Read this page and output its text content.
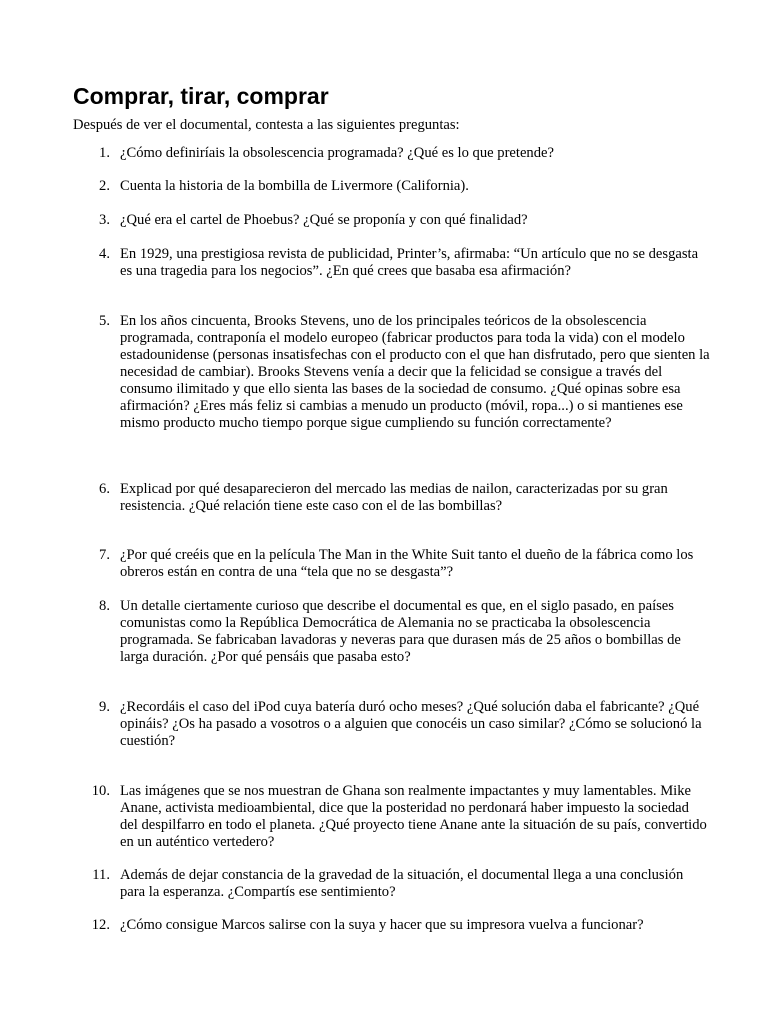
Comprar, tirar, comprar

Después de ver el documental, contesta a las siguientes preguntas:

1. ¿Cómo definiríais la obsolescencia programada? ¿Qué es lo que pretende?
2. Cuenta la historia de la bombilla de Livermore (California).
3. ¿Qué era el cartel de Phoebus? ¿Qué se proponía y con qué finalidad?
4. En 1929, una prestigiosa revista de publicidad, Printer’s, afirmaba: “Un artículo que no se desgasta es una tragedia para los negocios”. ¿En qué crees que basaba esa afirmación?
5. En los años cincuenta, Brooks Stevens, uno de los principales teóricos de la obsolescencia programada, contraponía el modelo europeo (fabricar productos para toda la vida) con el modelo estadounidense (personas insatisfechas con el producto con el que han disfrutado, pero que sienten la necesidad de cambiar). Brooks Stevens venía a decir que la felicidad se consigue a través del consumo ilimitado y que ello sienta las bases de la sociedad de consumo. ¿Qué opinas sobre esa afirmación? ¿Eres más feliz si cambias a menudo un producto (móvil, ropa...) o si mantienes ese mismo producto mucho tiempo porque sigue cumpliendo su función correctamente?
6. Explicad por qué desaparecieron del mercado las medias de nailon, caracterizadas por su gran resistencia. ¿Qué relación tiene este caso con el de las bombillas?
7. ¿Por qué creéis que en la película The Man in the White Suit tanto el dueño de la fábrica como los obreros están en contra de una “tela que no se desgasta”?
8. Un detalle ciertamente curioso que describe el documental es que, en el siglo pasado, en países comunistas como la República Democrática de Alemania no se practicaba la obsolescencia programada. Se fabricaban lavadoras y neveras para que durasen más de 25 años o bombillas de larga duración. ¿Por qué pensáis que pasaba esto?
9. ¿Recordáis el caso del iPod cuya batería duró ocho meses? ¿Qué solución daba el fabricante? ¿Qué opináis? ¿Os ha pasado a vosotros o a alguien que conocéis un caso similar? ¿Cómo se solucionó la cuestión?
10. Las imágenes que se nos muestran de Ghana son realmente impactantes y muy lamentables. Mike Anane, activista medioambiental, dice que la posteridad no perdonará haber impuesto la sociedad del despilfarro en todo el planeta. ¿Qué proyecto tiene Anane ante la situación de su país, convertido en un auténtico vertedero?
11. Además de dejar constancia de la gravedad de la situación, el documental llega a una conclusión para la esperanza. ¿Compartís ese sentimiento?
12. ¿Cómo consigue Marcos salirse con la suya y hacer que su impresora vuelva a funcionar?
